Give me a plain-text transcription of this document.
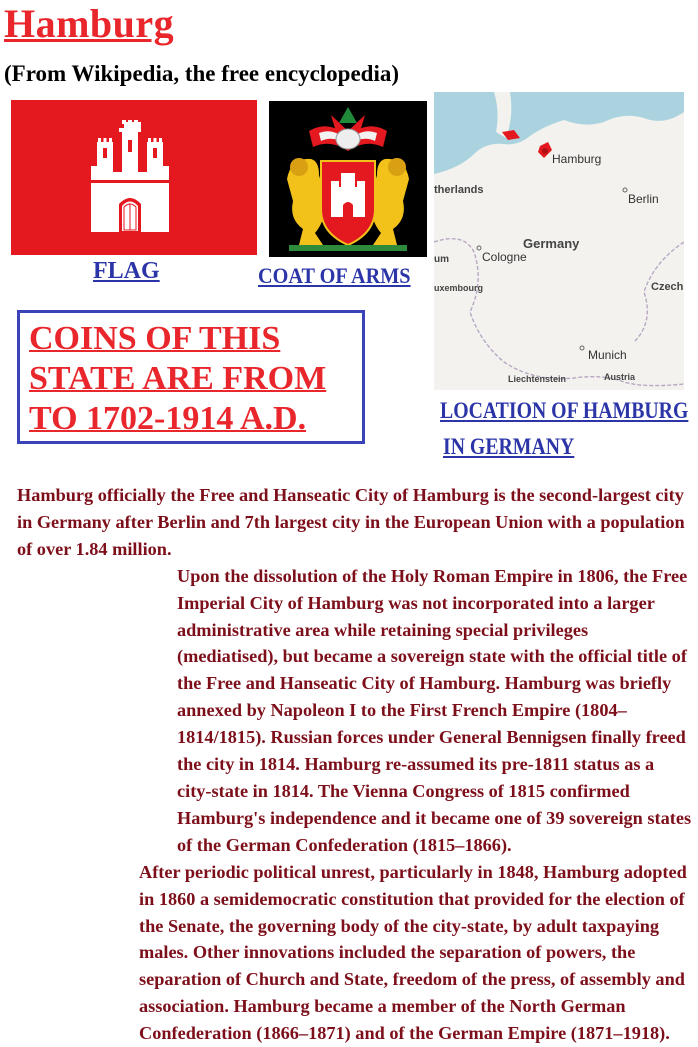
Hamburg
(From Wikipedia, the free encyclopedia)
FLAG	COAT OF ARMS
Hamburg
Berlin
therlands
Germany
Cologne
um
uxembourg	Czech
Munich
Liechtenstein	Austria
COINS OF THIS
STATE ARE FROM
TO 1702-1914 A.D.	LOCATION OF HAMBURG
IN GERMANY

Hamburg officially the Free and Hanseatic City of Hamburg is the second-largest city in Germany after Berlin and 7th largest city in the European Union with a population of over 1.84 million.

Upon the dissolution of the Holy Roman Empire in 1806, the Free Imperial City of Hamburg was not incorporated into a larger administrative area while retaining special privileges (mediatised), but became a sovereign state with the official title of the Free and Hanseatic City of Hamburg. Hamburg was briefly annexed by Napoleon I to the First French Empire (1804–1814/1815). Russian forces under General Bennigsen finally freed the city in 1814. Hamburg re-assumed its pre-1811 status as a city-state in 1814. The Vienna Congress of 1815 confirmed Hamburg's independence and it became one of 39 sovereign states of the German Confederation (1815–1866).

After periodic political unrest, particularly in 1848, Hamburg adopted in 1860 a semidemocratic constitution that provided for the election of the Senate, the governing body of the city-state, by adult taxpaying males. Other innovations included the separation of powers, the separation of Church and State, freedom of the press, of assembly and association. Hamburg became a member of the North German Confederation (1866–1871) and of the German Empire (1871–1918).
